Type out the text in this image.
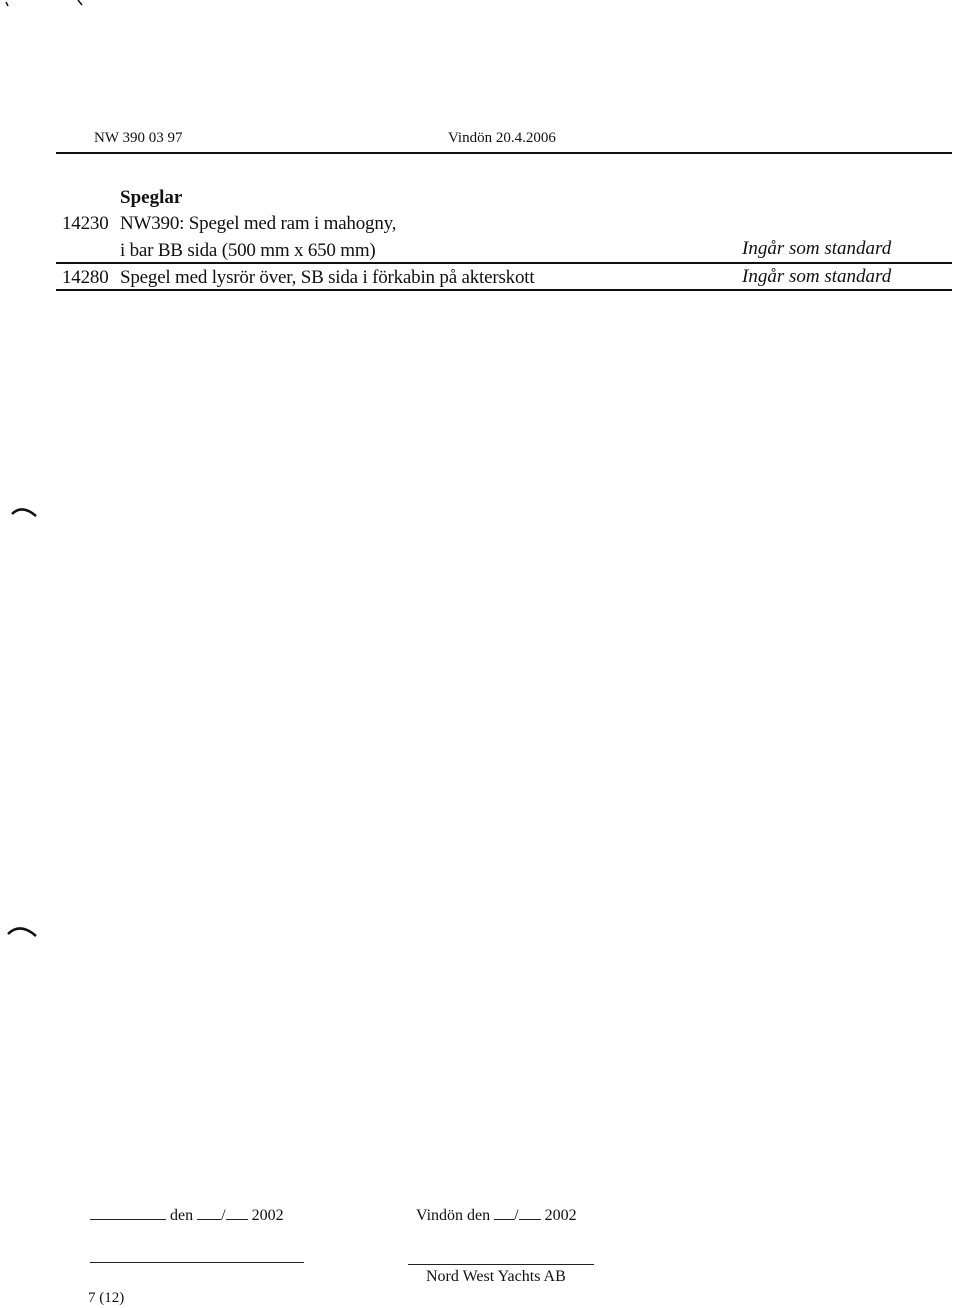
NW 390 03 97	Vindön 20.4.2006
Speglar
14230 NW390: Spegel med ram i mahogny,
i bar BB sida (500 mm x 650 mm)	Ingår som standard
14280 Spegel med lysrör över, SB sida i förkabin på akterskott	Ingår som standard
den / 2002	Vindön den / 2002
Nord West Yachts AB
7 (12)
